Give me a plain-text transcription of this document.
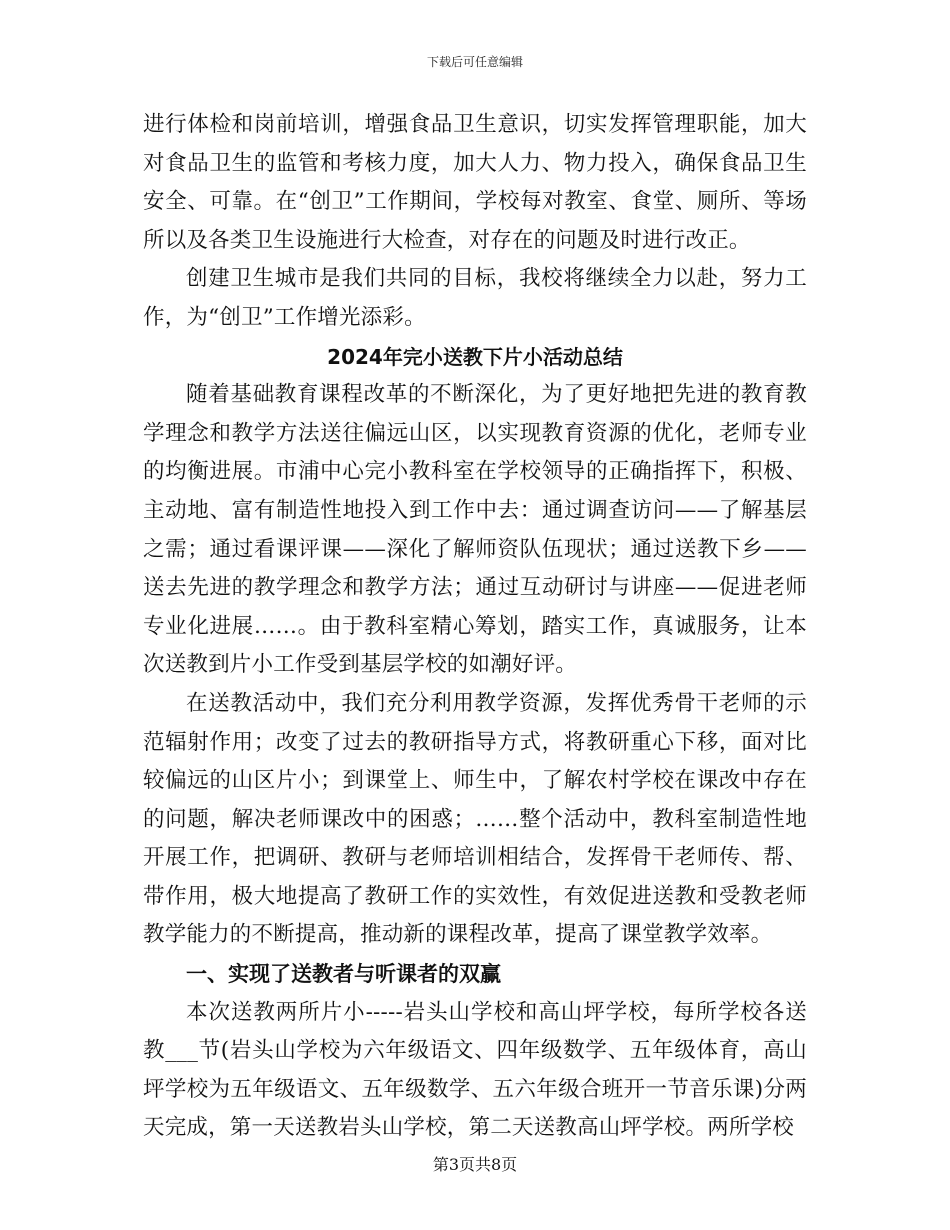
下载后可任意编辑

进行体检和岗前培训，增强食品卫生意识，切实发挥管理职能，加大对食品卫生的监管和考核力度，加大人力、物力投入，确保食品卫生安全、可靠。在“创卫”工作期间，学校每对教室、食堂、厕所、等场所以及各类卫生设施进行大检查，对存在的问题及时进行改正。

创建卫生城市是我们共同的目标，我校将继续全力以赴，努力工作，为“创卫”工作增光添彩。

2024年完小送教下片小活动总结

随着基础教育课程改革的不断深化，为了更好地把先进的教育教学理念和教学方法送往偏远山区，以实现教育资源的优化，老师专业的均衡进展。市浦中心完小教科室在学校领导的正确指挥下，积极、主动地、富有制造性地投入到工作中去：通过调查访问——了解基层之需；通过看课评课——深化了解师资队伍现状；通过送教下乡——送去先进的教学理念和教学方法；通过互动研讨与讲座——促进老师专业化进展……。由于教科室精心筹划，踏实工作，真诚服务，让本次送教到片小工作受到基层学校的如潮好评。

在送教活动中，我们充分利用教学资源，发挥优秀骨干老师的示范辐射作用；改变了过去的教研指导方式，将教研重心下移，面对比较偏远的山区片小；到课堂上、师生中，了解农村学校在课改中存在的问题，解决老师课改中的困惑；……整个活动中，教科室制造性地开展工作，把调研、教研与老师培训相结合，发挥骨干老师传、帮、带作用，极大地提高了教研工作的实效性，有效促进送教和受教老师教学能力的不断提高，推动新的课程改革，提高了课堂教学效率。

一、实现了送教者与听课者的双赢

本次送教两所片小-----岩头山学校和高山坪学校，每所学校各送教___节(岩头山学校为六年级语文、四年级数学、五年级体育，高山坪学校为五年级语文、五年级数学、五六年级合班开一节音乐课)分两天完成，第一天送教岩头山学校，第二天送教高山坪学校。两所学校

第3页共8页
